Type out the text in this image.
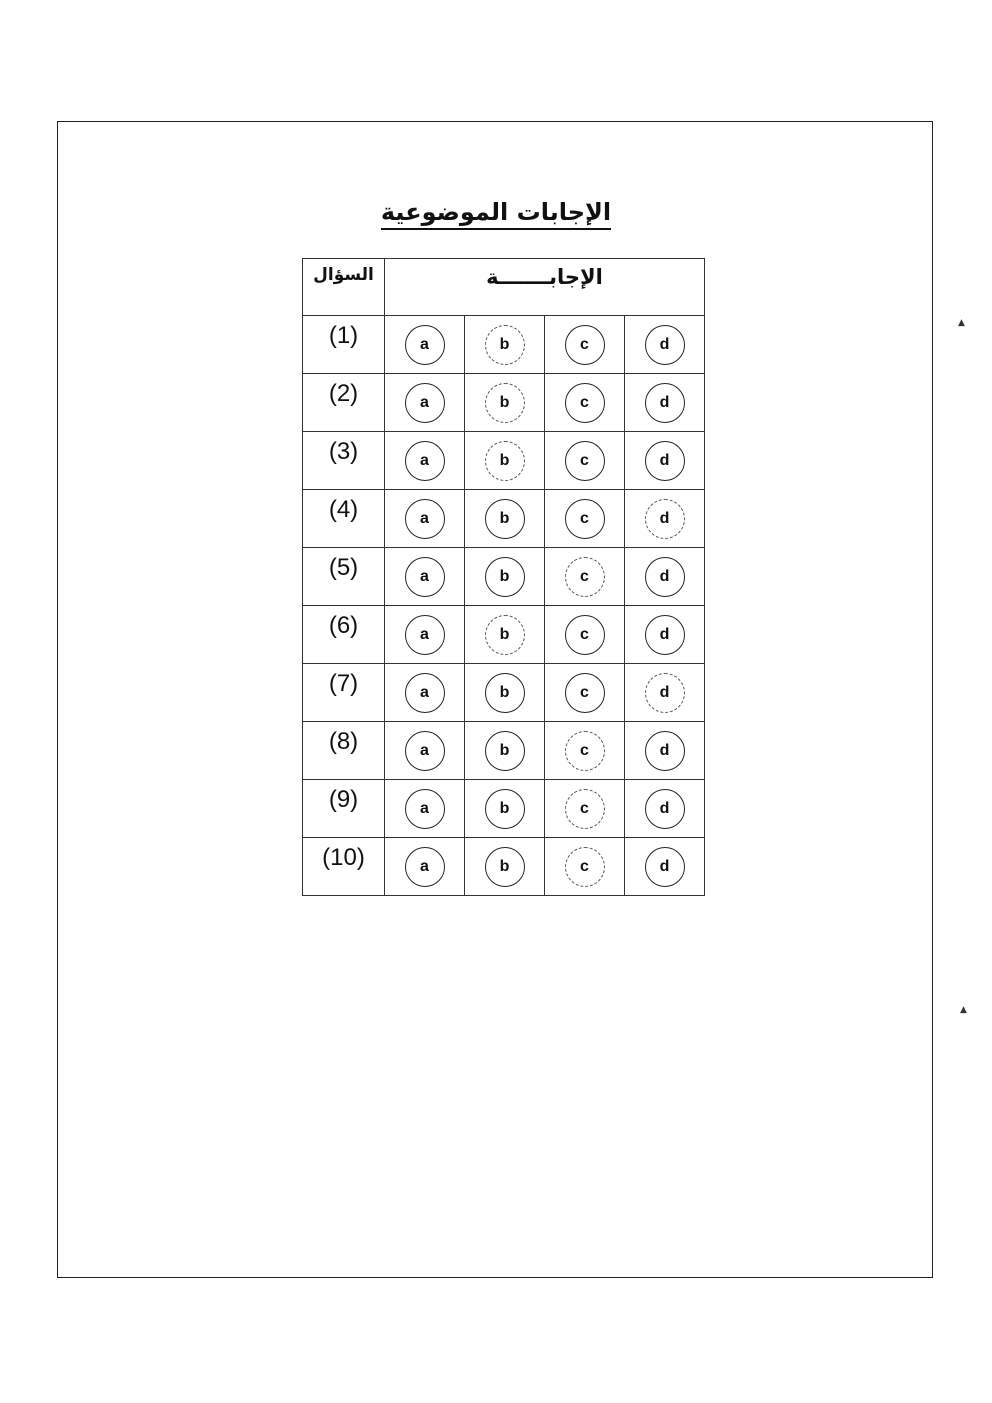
الإجابات الموضوعية
السؤال	الإجابـــــــة			
(1)	a	b	c	d
(2)	a	b	c	d
(3)	a	b	c	d
(4)	a	b	c	d
(5)	a	b	c	d
(6)	a	b	c	d
(7)	a	b	c	d
(8)	a	b	c	d
(9)	a	b	c	d
(10)	a	b	c	d
▲
▲
